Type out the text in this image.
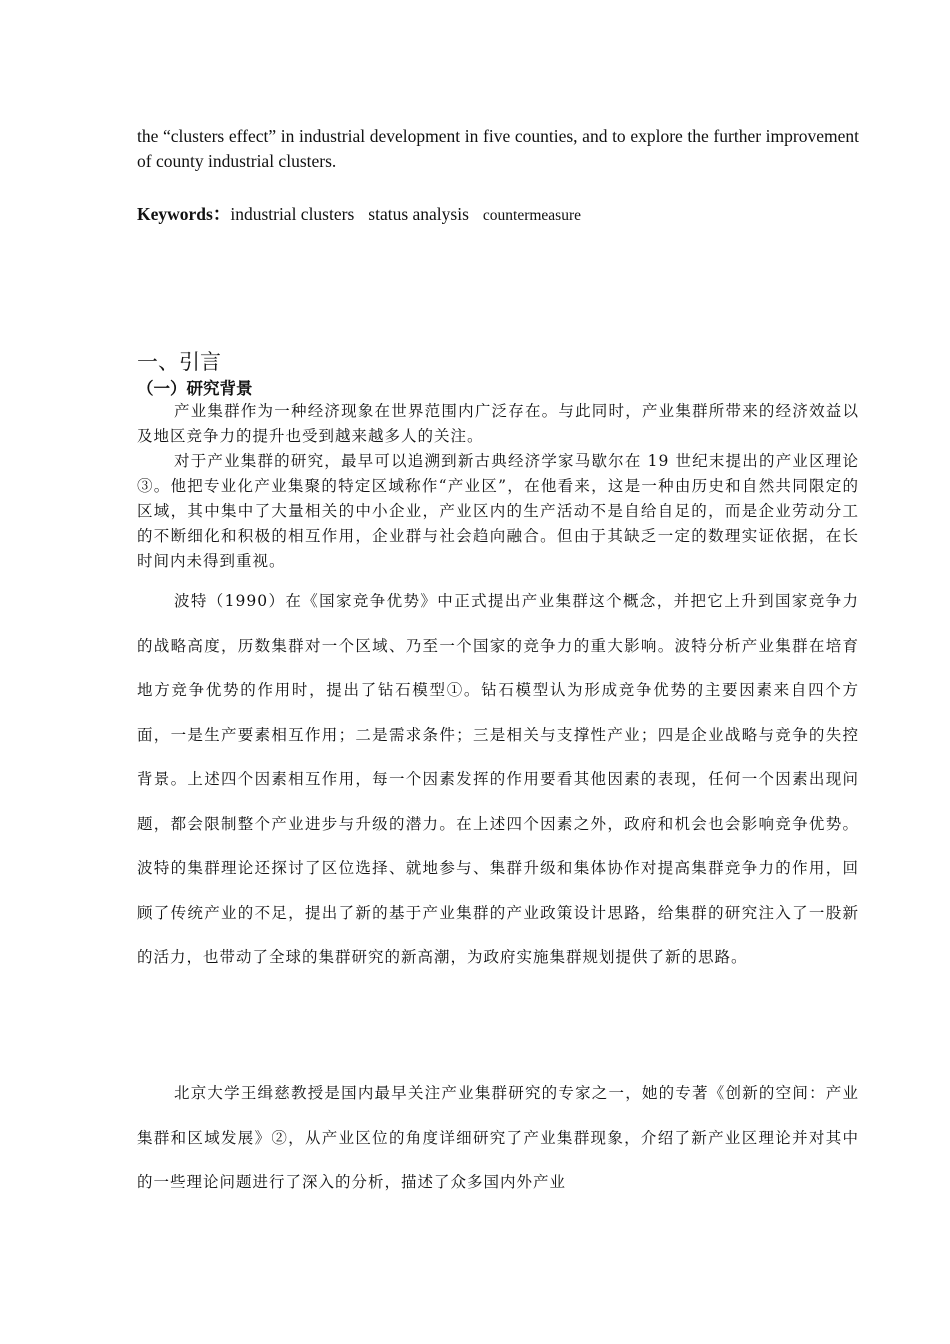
the “clusters effect” in industrial development in five counties, and to explore the further improvement of county industrial clusters.

Keywords：industrial clusters status analysis countermeasure

一、引言
（一）研究背景

产业集群作为一种经济现象在世界范围内广泛存在。与此同时，产业集群所带来的经济效益以及地区竞争力的提升也受到越来越多人的关注。

对于产业集群的研究，最早可以追溯到新古典经济学家马歇尔在 19 世纪末提出的产业区理论③。他把专业化产业集聚的特定区域称作“产业区”，在他看来，这是一种由历史和自然共同限定的区域，其中集中了大量相关的中小企业，产业区内的生产活动不是自给自足的，而是企业劳动分工的不断细化和积极的相互作用，企业群与社会趋向融合。但由于其缺乏一定的数理实证依据，在长时间内未得到重视。

波特（1990）在《国家竞争优势》中正式提出产业集群这个概念，并把它上升到国家竞争力的战略高度，历数集群对一个区域、乃至一个国家的竞争力的重大影响。波特分析产业集群在培育地方竞争优势的作用时，提出了钻石模型①。钻石模型认为形成竞争优势的主要因素来自四个方面，一是生产要素相互作用；二是需求条件；三是相关与支撑性产业；四是企业战略与竞争的失控背景。上述四个因素相互作用，每一个因素发挥的作用要看其他因素的表现，任何一个因素出现问题，都会限制整个产业进步与升级的潜力。在上述四个因素之外，政府和机会也会影响竞争优势。波特的集群理论还探讨了区位选择、就地参与、集群升级和集体协作对提高集群竞争力的作用，回顾了传统产业的不足，提出了新的基于产业集群的产业政策设计思路，给集群的研究注入了一股新的活力，也带动了全球的集群研究的新高潮，为政府实施集群规划提供了新的思路。

北京大学王缉慈教授是国内最早关注产业集群研究的专家之一，她的专著《创新的空间：产业集群和区域发展》②，从产业区位的角度详细研究了产业集群现象，介绍了新产业区理论并对其中的一些理论问题进行了深入的分析，描述了众多国内外产业
